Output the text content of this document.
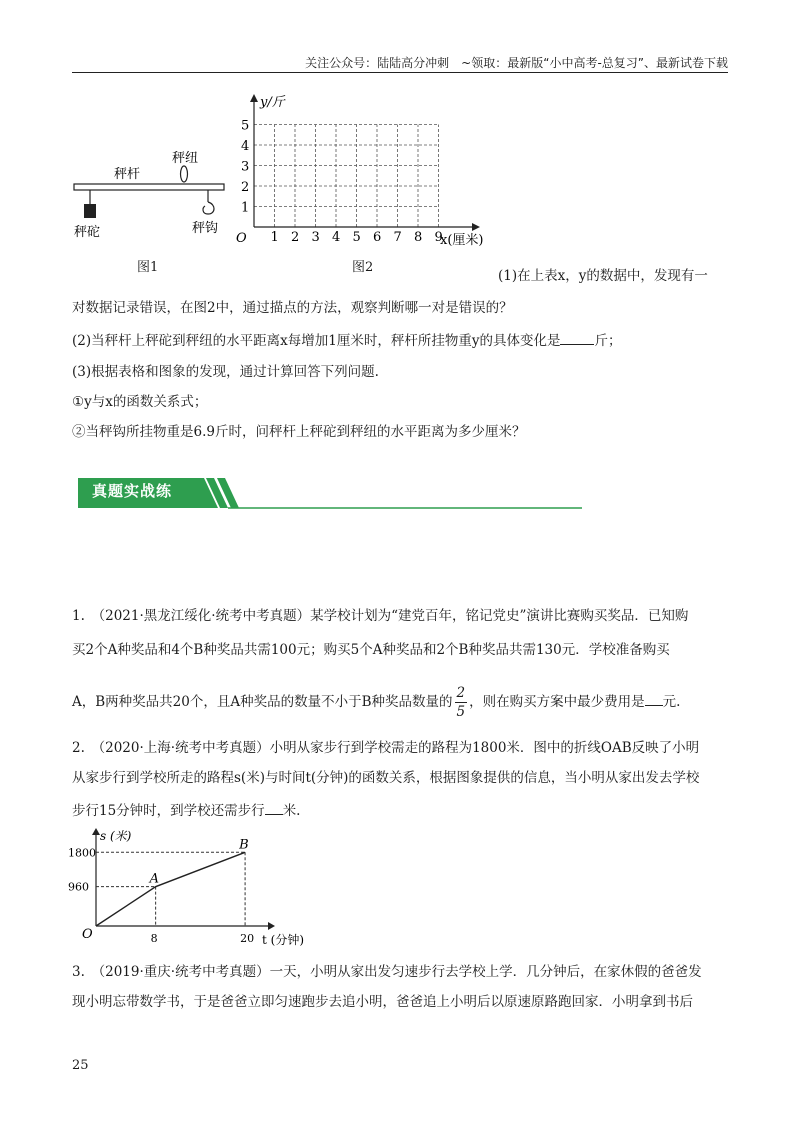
关注公众号：陆陆高分冲刺　~领取：最新版“小中高考-总复习”、最新试卷下载
秤杆
秤纽
秤砣	秤钩
图1
1 2 3 4 5 6 7 8 9
1
2
3
4
5
O
y/斤
x(厘米)
图2
(1)在上表x，y的数据中，发现有一
对数据记录错误，在图2中，通过描点的方法，观察判断哪一对是错误的？
(2)当秤杆上秤砣到秤纽的水平距离x每增加1厘米时，秤杆所挂物重y的具体变化是	斤；
(3)根据表格和图象的发现，通过计算回答下列问题.
①y与x的函数关系式；
②当秤钩所挂物重是6.9斤时，问秤杆上秤砣到秤纽的水平距离为多少厘米？
真题实战练
1.　（2021·黑龙江绥化·统考中考真题）某学校计划为“建党百年，铭记党史”演讲比赛购买奖品．已知购
买2个A种奖品和4个B种奖品共需100元；购买5个A种奖品和2个B种奖品共需130元．学校准备购买
A，B两种奖品共20个，且A种奖品的数量不小于B种奖品数量的 $\frac{2}{5}$ ，则在购买方案中最少费用是 元.
2.　（2020·上海·统考中考真题）小明从家步行到学校需走的路程为1800米．图中的折线OAB反映了小明
从家步行到学校所走的路程s(米)与时间t(分钟)的函数关系，根据图象提供的信息，当小明从家出发去学校
步行15分钟时，到学校还需步行 米.
O
A
B
8	20
960
1800
s (米)
t (分钟)
3.　（2019·重庆·统考中考真题）一天，小明从家出发匀速步行去学校上学．几分钟后，在家休假的爸爸发
现小明忘带数学书，于是爸爸立即匀速跑步去追小明，爸爸追上小明后以原速原路跑回家．小明拿到书后
25
